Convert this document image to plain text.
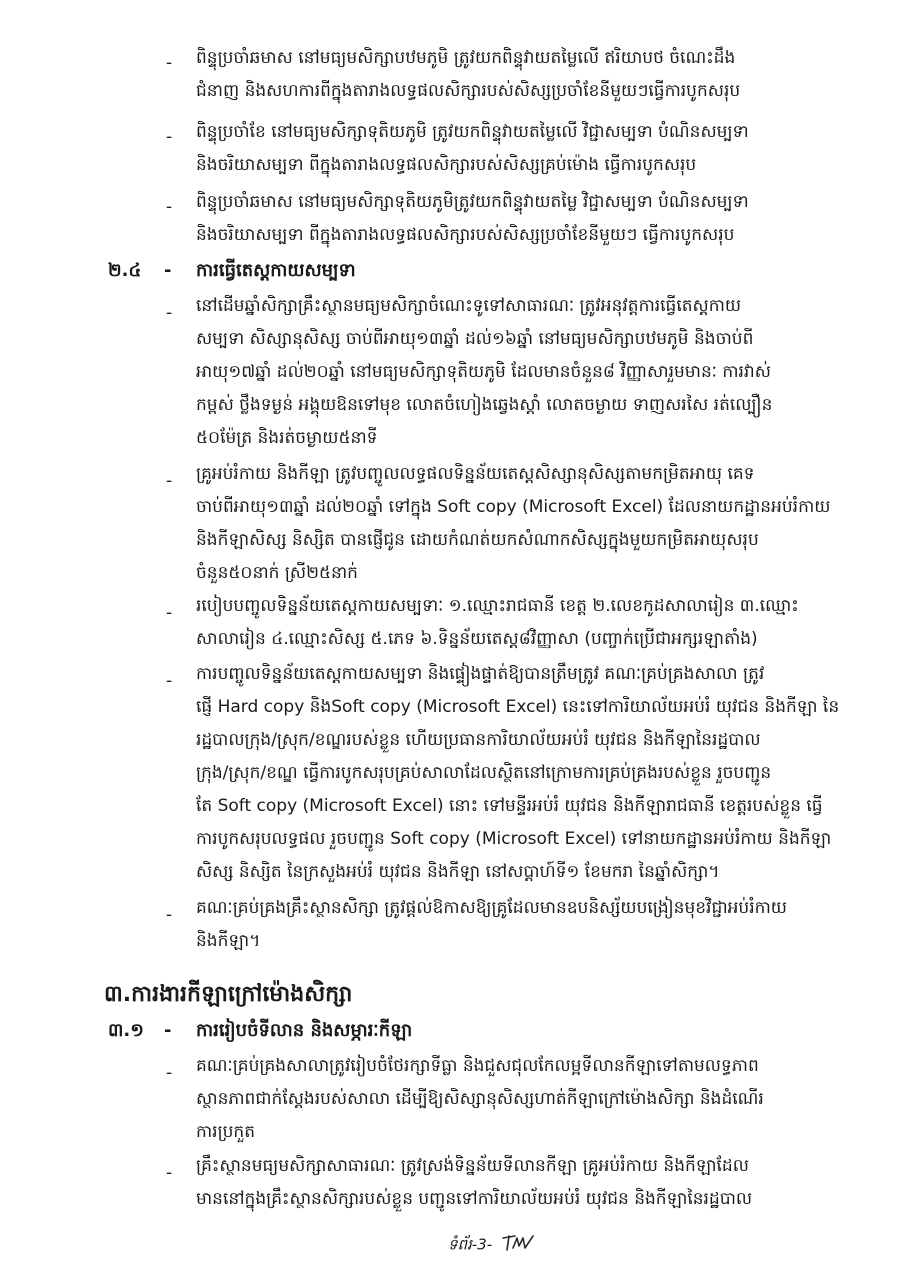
- ពិន្ទុប្រចាំឆមាស នៅមធ្យមសិក្សាបឋមភូមិ ត្រូវយកពិន្ទុវាយតម្លៃលើ ឥរិយាបថ ចំណេះដឹង
ជំនាញ និងសហការពីក្នុងតារាងលទ្ធផលសិក្សារបស់សិស្សប្រចាំខែនីមួយៗធ្វើការបូកសរុប
- ពិន្ទុប្រចាំខែ នៅមធ្យមសិក្សាទុតិយភូមិ ត្រូវយកពិន្ទុវាយតម្លៃលើ វិជ្ជាសម្បទា បំណិនសម្បទា
និងចរិយាសម្បទា ពីក្នុងតារាងលទ្ធផលសិក្សារបស់សិស្សគ្រប់ម៉ោង ធ្វើការបូកសរុប
- ពិន្ទុប្រចាំឆមាស នៅមធ្យមសិក្សាទុតិយភូមិត្រូវយកពិន្ទុវាយតម្លៃ វិជ្ជាសម្បទា បំណិនសម្បទា
និងចរិយាសម្បទា ពីក្នុងតារាងលទ្ធផលសិក្សារបស់សិស្សប្រចាំខែនីមួយៗ ធ្វើការបូកសរុប
២.៤ - ការធ្វើតេស្តកាយសម្បទា
- នៅដើមឆ្នាំសិក្សាគ្រឹះស្ថានមធ្យមសិក្សាចំណេះទូទៅសាធារណៈ ត្រូវអនុវត្តការធ្វើតេស្តកាយ
សម្បទា សិស្សានុសិស្ស ចាប់ពីអាយុ១៣ឆ្នាំ ដល់១៦ឆ្នាំ នៅមធ្យមសិក្សាបឋមភូមិ និងចាប់ពី
អាយុ១៧ឆ្នាំ ដល់២០ឆ្នាំ នៅមធ្យមសិក្សាទុតិយភូមិ ដែលមានចំនួន៨ វិញ្ញាសារួមមានៈ ការវាស់
កម្ពស់ ថ្លឹងទម្ងន់ អង្គុយឱនទៅមុខ លោតចំហៀងឆ្វេងស្ដាំ លោតចម្ងាយ ទាញសរសៃ រត់ល្បឿន
៥០ម៉ែត្រ និងរត់ចម្ងាយ៥នាទី
- គ្រូអប់រំកាយ និងកីឡា ត្រូវបញ្ចូលលទ្ធផលទិន្នន័យតេស្តសិស្សានុសិស្សតាមកម្រិតអាយុ គេទ
ចាប់ពីអាយុ១៣ឆ្នាំ ដល់២០ឆ្នាំ ទៅក្នុង Soft copy (Microsoft Excel) ដែលនាយកដ្ឋានអប់រំកាយ
និងកីឡាសិស្ស និស្សិត បានផ្ញើជូន ដោយកំណត់យកសំណាកសិស្សក្នុងមួយកម្រិតអាយុសរុប
ចំនួន៥០នាក់ ស្រី២៥នាក់
- របៀបបញ្ចូលទិន្នន័យតេស្តកាយសម្បទាៈ ១.ឈ្មោះរាជធានី ខេត្ត ២.លេខកូដសាលារៀន ៣.ឈ្មោះ
សាលារៀន ៤.ឈ្មោះសិស្ស ៥.ភេទ ៦.ទិន្នន័យតេស្ត៨វិញ្ញាសា (បញ្ចាក់ប្រើជាអក្សរឡាតាំង)
- ការបញ្ចូលទិន្នន័យតេស្តកាយសម្បទា និងផ្ទៀងផ្ទាត់ឱ្យបានត្រឹមត្រូវ គណៈគ្រប់គ្រងសាលា ត្រូវ
ផ្ញើ Hard copy និងSoft copy (Microsoft Excel) នេះទៅការិយាល័យអប់រំ យុវជន និងកីឡា នៃ
រដ្ឋបាលក្រុង/ស្រុក/ខណ្ឌរបស់ខ្លួន ហើយប្រធានការិយាល័យអប់រំ យុវជន និងកីឡានៃរដ្ឋបាល
ក្រុង/ស្រុក/ខណ្ឌ ធ្វើការបូកសរុបគ្រប់សាលាដែលស្ថិតនៅក្រោមការគ្រប់គ្រងរបស់ខ្លួន រួចបញ្ជូន
តែ Soft copy (Microsoft Excel) នោះ ទៅមន្ទីរអប់រំ យុវជន និងកីឡារាជធានី ខេត្តរបស់ខ្លួន ធ្វើ
ការបូកសរុបលទ្ធផល រួចបញ្ជូន Soft copy (Microsoft Excel) ទៅនាយកដ្ឋានអប់រំកាយ និងកីឡា
សិស្ស និស្សិត នៃក្រសួងអប់រំ យុវជន និងកីឡា នៅសប្តាហ៍ទី១ ខែមករា នៃឆ្នាំសិក្សា។
- គណៈគ្រប់គ្រងគ្រឹះស្ថានសិក្សា ត្រូវផ្តល់ឱកាសឱ្យគ្រូដែលមានឧបនិស្ស័យបង្រៀនមុខវិជ្ជាអប់រំកាយ
និងកីឡា។
៣.ការងារកីឡាក្រៅម៉ោងសិក្សា
៣.១ - ការរៀបចំទីលាន និងសម្ភារៈកីឡា
- គណៈគ្រប់គ្រងសាលាត្រូវរៀបចំថែរក្សាទីធ្លា និងជួសជុលកែលម្អទីលានកីឡាទៅតាមលទ្ធភាព
ស្ថានភាពជាក់ស្តែងរបស់សាលា ដើម្បីឱ្យសិស្សានុសិស្សហាត់កីឡាក្រៅម៉ោងសិក្សា និងដំណើរ
ការប្រកួត
- គ្រឹះស្ថានមធ្យមសិក្សាសាធារណៈ ត្រូវស្រង់ទិន្នន័យទីលានកីឡា គ្រូអប់រំកាយ និងកីឡាដែល
មាននៅក្នុងគ្រឹះស្ថានសិក្សារបស់ខ្លួន បញ្ជូនទៅការិយាល័យអប់រំ យុវជន និងកីឡានៃរដ្ឋបាល
ទំព័រ-3-
